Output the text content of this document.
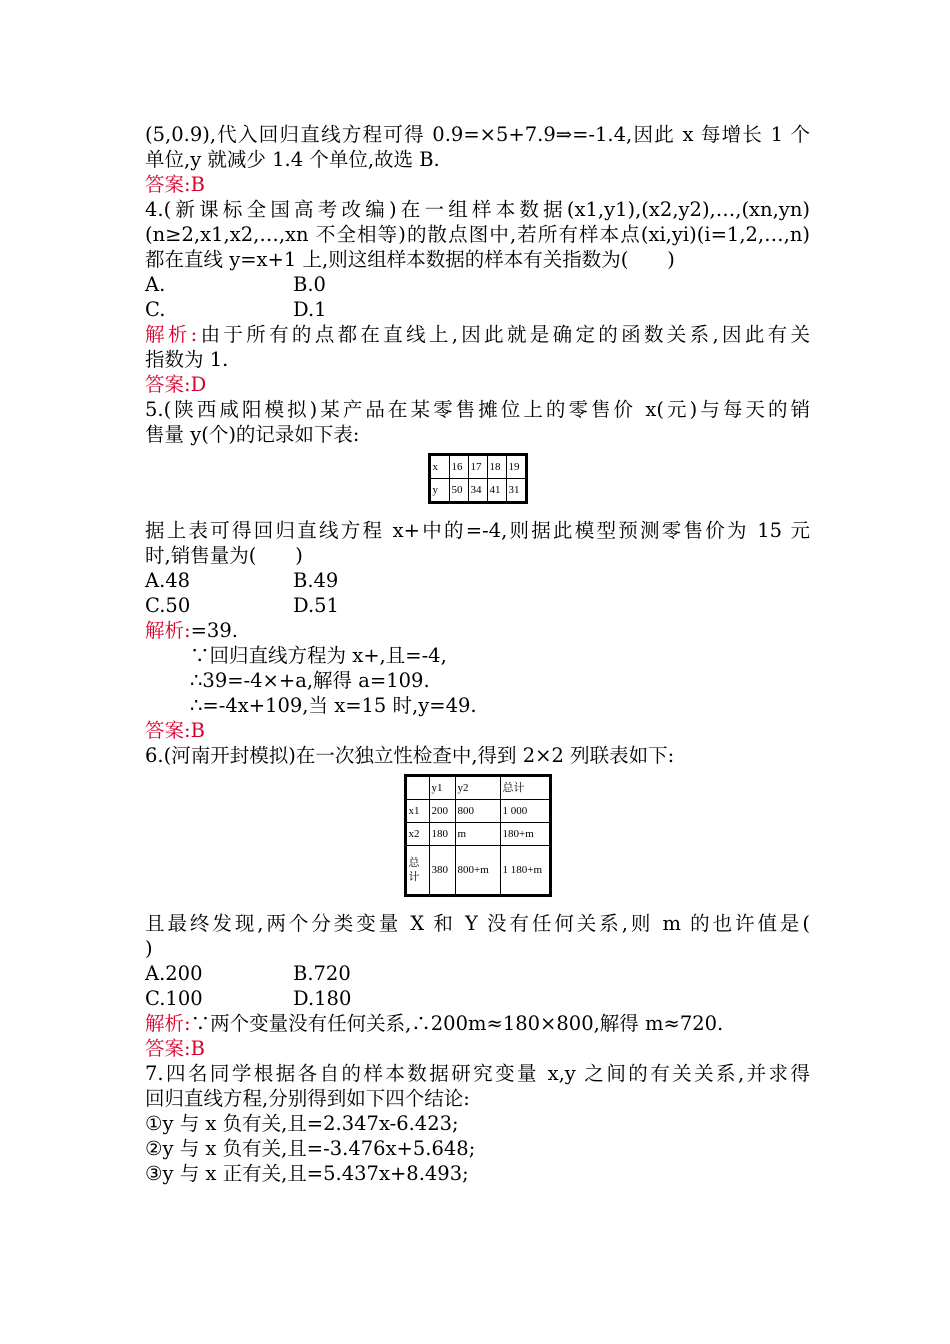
(5,0.9),代入回归直线方程可得 0.9=×5+7.9⇒=-1.4,因此 x 每增长 1 个
单位,y 就减少 1.4 个单位,故选 B.
答案:B
4.(新课标全国高考改编)在一组样本数据(x1,y1),(x2,y2),…,(xn,yn)
(n≥2,x1,x2,…,xn 不全相等)的散点图中,若所有样本点(xi,yi)(i=1,2,…,n)
都在直线 y=x+1 上,则这组样本数据的样本有关指数为(　　)
A.	B.0
C.	D.1
解析:由于所有的点都在直线上,因此就是确定的函数关系,因此有关
指数为 1.
答案:D
5.(陕西咸阳模拟)某产品在某零售摊位上的零售价 x(元)与每天的销
售量 y(个)的记录如下表:
x	16	17	18	19
y	50	34	41	31
据上表可得回归直线方程 x+中的=-4,则据此模型预测零售价为 15 元
时,销售量为(　　)
A.48	B.49
C.50	D.51
解析:=39.
∵回归直线方程为 x+,且=-4,
∴39=-4×+a,解得 a=109.
∴=-4x+109,当 x=15 时,y=49.
答案:B
6.(河南开封模拟)在一次独立性检查中,得到 2×2 列联表如下:
	y1	y2	总计
x1	200	800	1 000
x2	180	m	180+m
总计	380	800+m	1 180+m
且最终发现,两个分类变量 X 和 Y 没有任何关系,则 m 的也许值是(
)
A.200	B.720
C.100	D.180
解析:∵两个变量没有任何关系,∴200m≈180×800,解得 m≈720.
答案:B
7.四名同学根据各自的样本数据研究变量 x,y 之间的有关关系,并求得
回归直线方程,分别得到如下四个结论:
①y 与 x 负有关,且=2.347x-6.423;
②y 与 x 负有关,且=-3.476x+5.648;
③y 与 x 正有关,且=5.437x+8.493;
